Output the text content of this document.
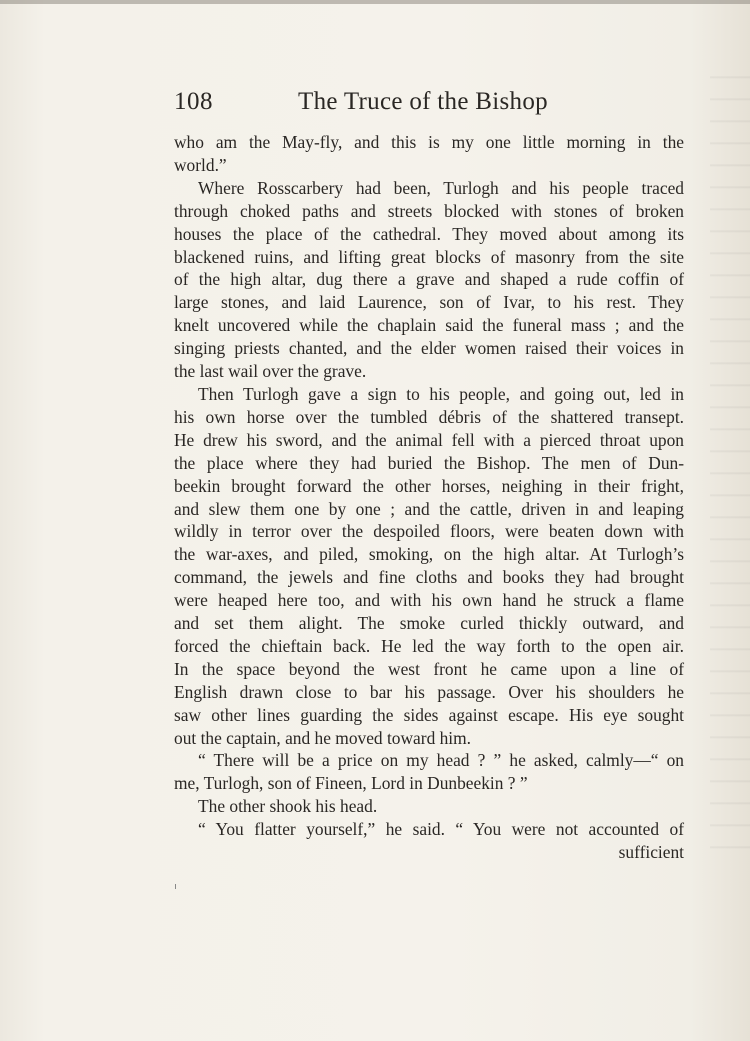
108	The Truce of the Bishop
who am the May-fly, and this is my one little morning in the
world.”
Where Rosscarbery had been, Turlogh and his people traced
through choked paths and streets blocked with stones of broken
houses the place of the cathedral. They moved about among its
blackened ruins, and lifting great blocks of masonry from the site
of the high altar, dug there a grave and shaped a rude coffin of
large stones, and laid Laurence, son of Ivar, to his rest. They
knelt uncovered while the chaplain said the funeral mass ; and the
singing priests chanted, and the elder women raised their voices in
the last wail over the grave.
Then Turlogh gave a sign to his people, and going out, led in
his own horse over the tumbled débris of the shattered transept.
He drew his sword, and the animal fell with a pierced throat upon
the place where they had buried the Bishop. The men of Dun-
beekin brought forward the other horses, neighing in their fright,
and slew them one by one ; and the cattle, driven in and leaping
wildly in terror over the despoiled floors, were beaten down with
the war-axes, and piled, smoking, on the high altar. At Turlogh’s
command, the jewels and fine cloths and books they had brought
were heaped here too, and with his own hand he struck a flame
and set them alight. The smoke curled thickly outward, and
forced the chieftain back. He led the way forth to the open air.
In the space beyond the west front he came upon a line of
English drawn close to bar his passage. Over his shoulders he
saw other lines guarding the sides against escape. His eye sought
out the captain, and he moved toward him.
“ There will be a price on my head ? ” he asked, calmly—“ on
me, Turlogh, son of Fineen, Lord in Dunbeekin ? ”
The other shook his head.
“ You flatter yourself,” he said. “ You were not accounted of
sufficient
